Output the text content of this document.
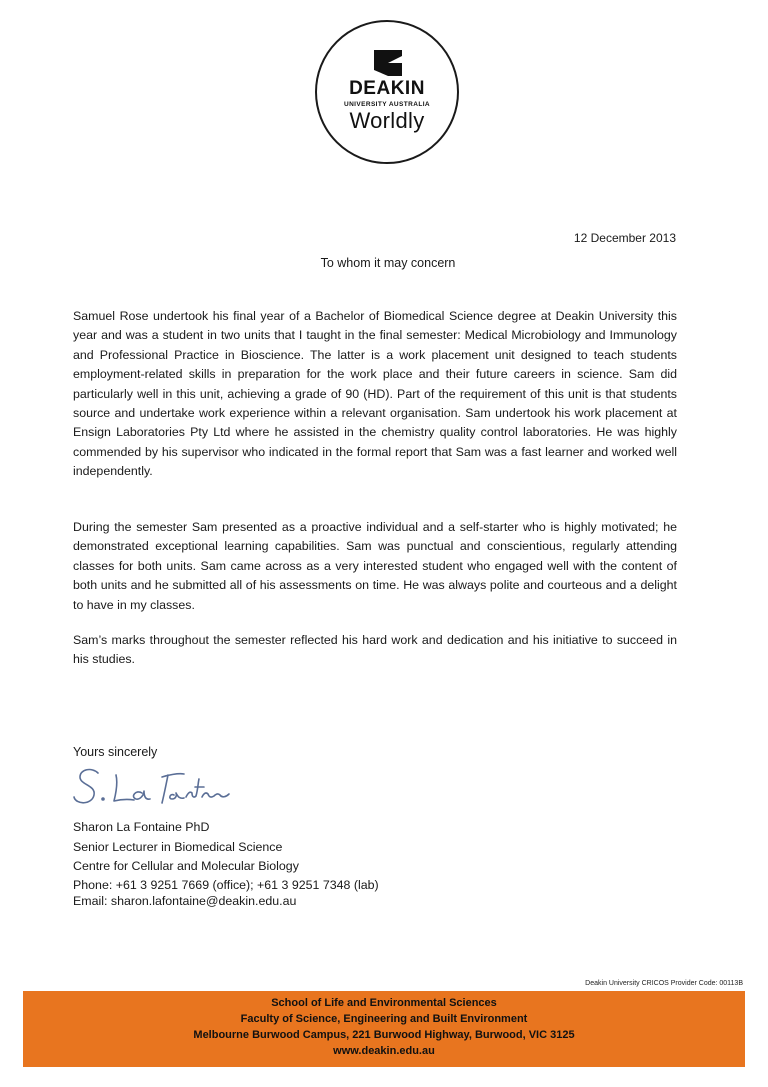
DEAKIN
UNIVERSITY AUSTRALIA
Worldly
12 December 2013
To whom it may concern
Samuel Rose undertook his final year of a Bachelor of Biomedical Science degree at Deakin University this year and was a student in two units that I taught in the final semester: Medical Microbiology and Immunology and Professional Practice in Bioscience. The latter is a work placement unit designed to teach students employment-related skills in preparation for the work place and their future careers in science. Sam did particularly well in this unit, achieving a grade of 90 (HD). Part of the requirement of this unit is that students source and undertake work experience within a relevant organisation. Sam undertook his work placement at Ensign Laboratories Pty Ltd where he assisted in the chemistry quality control laboratories. He was highly commended by his supervisor who indicated in the formal report that Sam was a fast learner and worked well independently.
During the semester Sam presented as a proactive individual and a self-starter who is highly motivated; he demonstrated exceptional learning capabilities. Sam was punctual and conscientious, regularly attending classes for both units. Sam came across as a very interested student who engaged well with the content of both units and he submitted all of his assessments on time. He was always polite and courteous and a delight to have in my classes.
Sam’s marks throughout the semester reflected his hard work and dedication and his initiative to succeed in his studies.
Yours sincerely
Sharon La Fontaine PhD
Senior Lecturer in Biomedical Science
Centre for Cellular and Molecular Biology
Phone: +61 3 9251 7669 (office); +61 3 9251 7348 (lab)
Email: sharon.lafontaine@deakin.edu.au
Deakin University CRICOS Provider Code: 00113B
School of Life and Environmental Sciences
Faculty of Science, Engineering and Built Environment
Melbourne Burwood Campus, 221 Burwood Highway, Burwood, VIC 3125
www.deakin.edu.au
